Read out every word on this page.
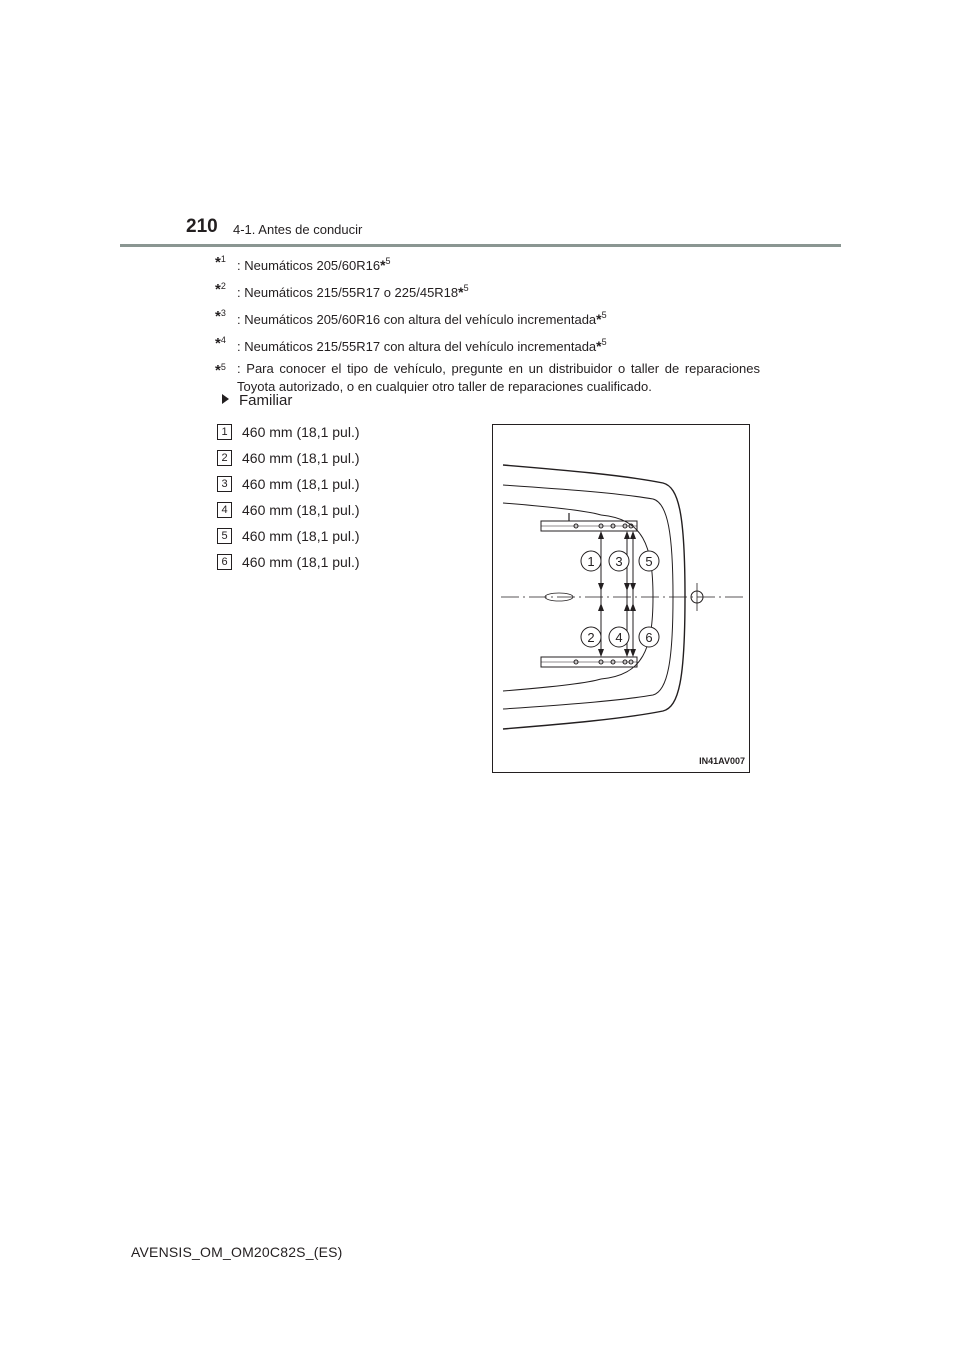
210 4-1. Antes de conducir
*$^1$ : Neumáticos 205/60R16*$^5$
*$^2$ : Neumáticos 215/55R17 o 225/45R18*$^5$
*$^3$ : Neumáticos 205/60R16 con altura del vehículo incrementada*$^5$
*$^4$ : Neumáticos 215/55R17 con altura del vehículo incrementada*$^5$
*$^5$ : Para conocer el tipo de vehículo, pregunte en un distribuidor o taller de reparaciones Toyota autorizado, o en cualquier otro taller de reparaciones cualificado.
Familiar
1	460 mm (18,1 pul.)
2	460 mm (18,1 pul.)
3	460 mm (18,1 pul.)
4	460 mm (18,1 pul.)
5	460 mm (18,1 pul.)
6	460 mm (18,1 pul.)	1 3 5
2 4 6
IN41AV007
AVENSIS_OM_OM20C82S_(ES)
